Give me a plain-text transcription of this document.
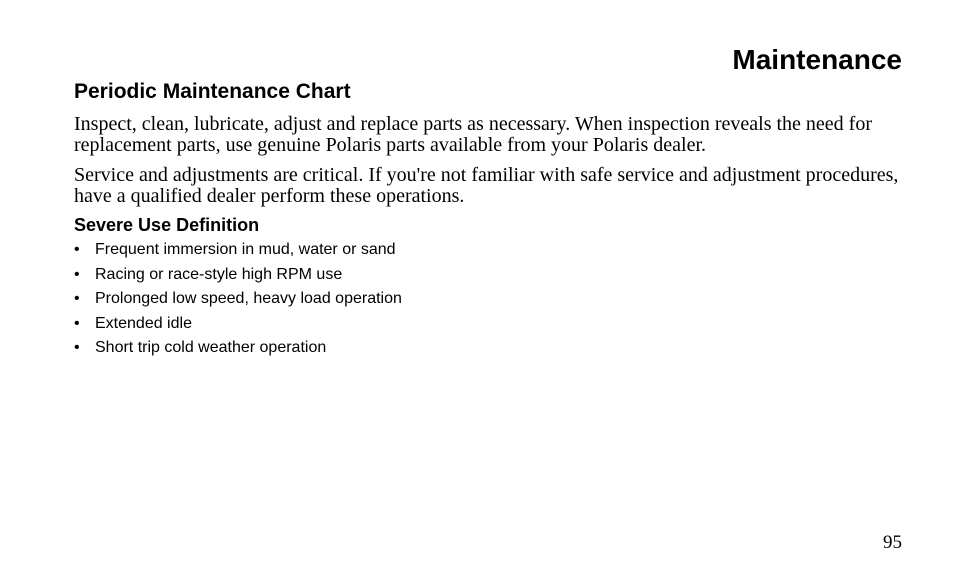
Maintenance
Periodic Maintenance Chart

Inspect, clean, lubricate, adjust and replace parts as necessary. When inspection reveals the need for replacement parts, use genuine Polaris parts available from your Polaris dealer.

Service and adjustments are critical. If you're not familiar with safe service and adjustment procedures, have a qualified dealer perform these operations.

Severe Use Definition
• Frequent immersion in mud, water or sand
• Racing or race-style high RPM use
• Prolonged low speed, heavy load operation
• Extended idle
• Short trip cold weather operation
95
